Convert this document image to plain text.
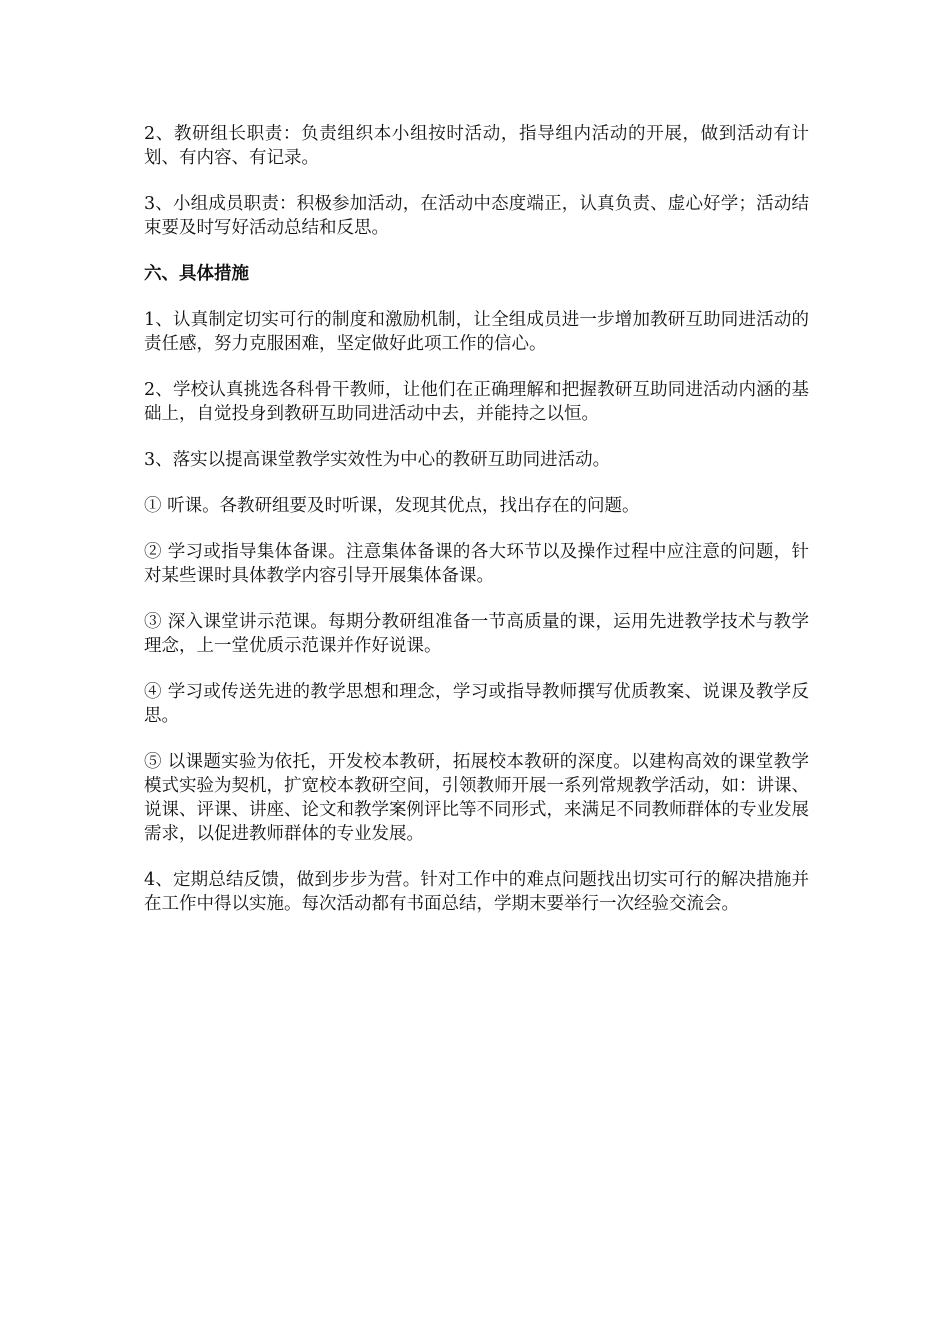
2、教研组长职责：负责组织本小组按时活动，指导组内活动的开展，做到活动有计划、有内容、有记录。

3、小组成员职责：积极参加活动，在活动中态度端正，认真负责、虚心好学；活动结束要及时写好活动总结和反思。

六、具体措施

1、认真制定切实可行的制度和激励机制，让全组成员进一步增加教研互助同进活动的责任感，努力克服困难，坚定做好此项工作的信心。

2、学校认真挑选各科骨干教师，让他们在正确理解和把握教研互助同进活动内涵的基础上，自觉投身到教研互助同进活动中去，并能持之以恒。

3、落实以提高课堂教学实效性为中心的教研互助同进活动。

① 听课。各教研组要及时听课，发现其优点，找出存在的问题。

② 学习或指导集体备课。注意集体备课的各大环节以及操作过程中应注意的问题，针对某些课时具体教学内容引导开展集体备课。

③ 深入课堂讲示范课。每期分教研组准备一节高质量的课，运用先进教学技术与教学理念，上一堂优质示范课并作好说课。

④ 学习或传送先进的教学思想和理念，学习或指导教师撰写优质教案、说课及教学反思。

⑤ 以课题实验为依托，开发校本教研，拓展校本教研的深度。以建构高效的课堂教学模式实验为契机，扩宽校本教研空间，引领教师开展一系列常规教学活动，如：讲课、说课、评课、讲座、论文和教学案例评比等不同形式，来满足不同教师群体的专业发展需求，以促进教师群体的专业发展。

4、定期总结反馈，做到步步为营。针对工作中的难点问题找出切实可行的解决措施并在工作中得以实施。每次活动都有书面总结，学期末要举行一次经验交流会。
